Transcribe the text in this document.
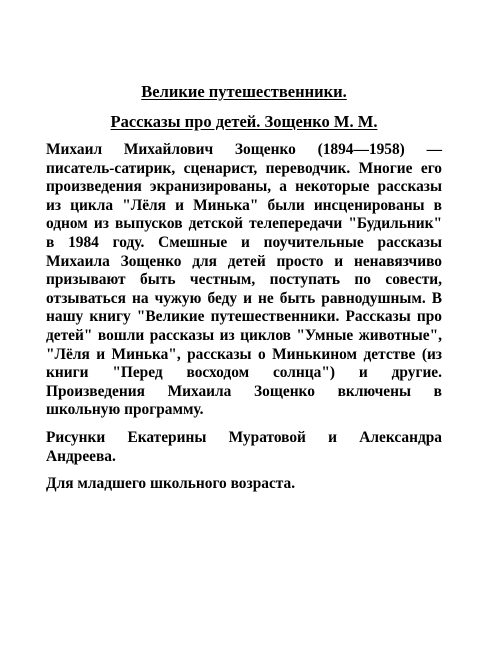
Великие путешественники.

Рассказы про детей. Зощенко М. М.

Михаил Михайлович Зощенко (1894—1958) — писатель-сатирик, сценарист, переводчик. Многие его произведения экранизированы, а некоторые рассказы из цикла "Лёля и Минька" были инсценированы в одном из выпусков детской телепередачи "Будильник" в 1984 году. Смешные и поучительные рассказы Михаила Зощенко для детей просто и ненавязчиво призывают быть честным, поступать по совести, отзываться на чужую беду и не быть равнодушным. В нашу книгу "Великие путешественники. Рассказы про детей" вошли рассказы из циклов "Умные животные", "Лёля и Минька", рассказы о Минькином детстве (из книги "Перед восходом солнца") и другие. Произведения Михаила Зощенко включены в школьную программу.

Рисунки Екатерины Муратовой и Александра Андреева.

Для младшего школьного возраста.
